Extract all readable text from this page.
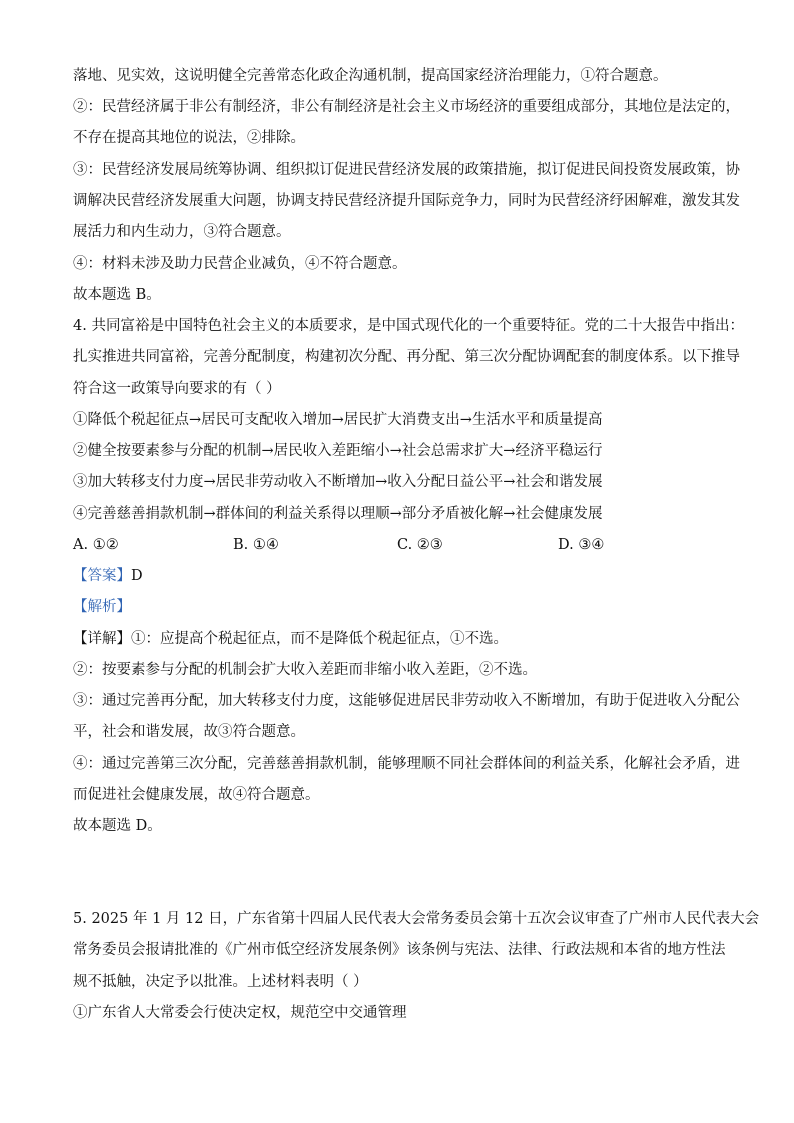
落地、见实效，这说明健全完善常态化政企沟通机制，提高国家经济治理能力，①符合题意。
②：民营经济属于非公有制经济，非公有制经济是社会主义市场经济的重要组成部分，其地位是法定的，
不存在提高其地位的说法，②排除。
③：民营经济发展局统筹协调、组织拟订促进民营经济发展的政策措施，拟订促进民间投资发展政策，协
调解决民营经济发展重大问题，协调支持民营经济提升国际竞争力，同时为民营经济纾困解难，激发其发
展活力和内生动力，③符合题意。
④：材料未涉及助力民营企业减负，④不符合题意。
故本题选 B。
4. 共同富裕是中国特色社会主义的本质要求，是中国式现代化的一个重要特征。党的二十大报告中指出：
扎实推进共同富裕，完善分配制度，构建初次分配、再分配、第三次分配协调配套的制度体系。以下推导
符合这一政策导向要求的有（ ）
①降低个税起征点→居民可支配收入增加→居民扩大消费支出→生活水平和质量提高
②健全按要素参与分配的机制→居民收入差距缩小→社会总需求扩大→经济平稳运行
③加大转移支付力度→居民非劳动收入不断增加→收入分配日益公平→社会和谐发展
④完善慈善捐款机制→群体间的利益关系得以理顺→部分矛盾被化解→社会健康发展
A. ①②	B. ①④	C. ②③	D. ③④
【答案】D
【解析】
【详解】①：应提高个税起征点，而不是降低个税起征点，①不选。
②：按要素参与分配的机制会扩大收入差距而非缩小收入差距，②不选。
③：通过完善再分配，加大转移支付力度，这能够促进居民非劳动收入不断增加，有助于促进收入分配公
平，社会和谐发展，故③符合题意。
④：通过完善第三次分配，完善慈善捐款机制，能够理顺不同社会群体间的利益关系，化解社会矛盾，进
而促进社会健康发展，故④符合题意。
故本题选 D。
5. 2025 年 1 月 12 日，广东省第十四届人民代表大会常务委员会第十五次会议审查了广州市人民代表大会
常务委员会报请批准的《广州市低空经济发展条例》该条例与宪法、法律、行政法规和本省的地方性法
规不抵触，决定予以批准。上述材料表明（ ）
①广东省人大常委会行使决定权，规范空中交通管理
